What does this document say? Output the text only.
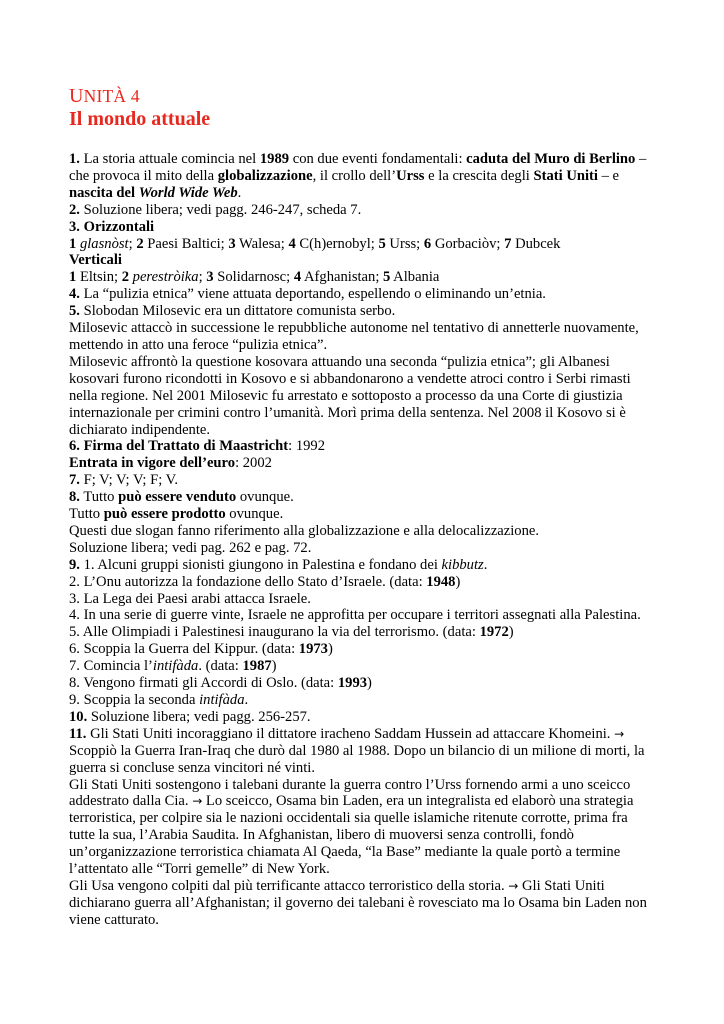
UNITÀ 4
Il mondo attuale
1. La storia attuale comincia nel 1989 con due eventi fondamentali: caduta del Muro di Berlino –
che provoca il mito della globalizzazione, il crollo dell’Urss e la crescita degli Stati Uniti – e
nascita del World Wide Web.
2. Soluzione libera; vedi pagg. 246-247, scheda 7.
3. Orizzontali
1 glasnòst; 2 Paesi Baltici; 3 Walesa; 4 C(h)ernobyl; 5 Urss; 6 Gorbaciòv; 7 Dubcek
Verticali
1 Eltsin; 2 perestròika; 3 Solidarnosc; 4 Afghanistan; 5 Albania
4. La “pulizia etnica” viene attuata deportando, espellendo o eliminando un’etnia.
5. Slobodan Milosevic era un dittatore comunista serbo.
Milosevic attaccò in successione le repubbliche autonome nel tentativo di annetterle nuovamente,
mettendo in atto una feroce “pulizia etnica”.
Milosevic affrontò la questione kosovara attuando una seconda “pulizia etnica”; gli Albanesi
kosovari furono ricondotti in Kosovo e si abbandonarono a vendette atroci contro i Serbi rimasti
nella regione. Nel 2001 Milosevic fu arrestato e sottoposto a processo da una Corte di giustizia
internazionale per crimini contro l’umanità. Morì prima della sentenza. Nel 2008 il Kosovo si è
dichiarato indipendente.
6. Firma del Trattato di Maastricht: 1992
Entrata in vigore dell’euro: 2002
7. F; V; V; V; F; V.
8. Tutto può essere venduto ovunque.
Tutto può essere prodotto ovunque.
Questi due slogan fanno riferimento alla globalizzazione e alla delocalizzazione.
Soluzione libera; vedi pag. 262 e pag. 72.
9. 1. Alcuni gruppi sionisti giungono in Palestina e fondano dei kibbutz.
2. L’Onu autorizza la fondazione dello Stato d’Israele. (data: 1948)
3. La Lega dei Paesi arabi attacca Israele.
4. In una serie di guerre vinte, Israele ne approfitta per occupare i territori assegnati alla Palestina.
5. Alle Olimpiadi i Palestinesi inaugurano la via del terrorismo. (data: 1972)
6. Scoppia la Guerra del Kippur. (data: 1973)
7. Comincia l’intifàda. (data: 1987)
8. Vengono firmati gli Accordi di Oslo. (data: 1993)
9. Scoppia la seconda intifàda.
10. Soluzione libera; vedi pagg. 256-257.
11. Gli Stati Uniti incoraggiano il dittatore iracheno Saddam Hussein ad attaccare Khomeini. →
Scoppiò la Guerra Iran-Iraq che durò dal 1980 al 1988. Dopo un bilancio di un milione di morti, la
guerra si concluse senza vincitori né vinti.
Gli Stati Uniti sostengono i talebani durante la guerra contro l’Urss fornendo armi a uno sceicco
addestrato dalla Cia. → Lo sceicco, Osama bin Laden, era un integralista ed elaborò una strategia
terroristica, per colpire sia le nazioni occidentali sia quelle islamiche ritenute corrotte, prima fra
tutte la sua, l’Arabia Saudita. In Afghanistan, libero di muoversi senza controlli, fondò
un’organizzazione terroristica chiamata Al Qaeda, “la Base” mediante la quale portò a termine
l’attentato alle “Torri gemelle” di New York.
Gli Usa vengono colpiti dal più terrificante attacco terroristico della storia. → Gli Stati Uniti
dichiarano guerra all’Afghanistan; il governo dei talebani è rovesciato ma lo Osama bin Laden non
viene catturato.
